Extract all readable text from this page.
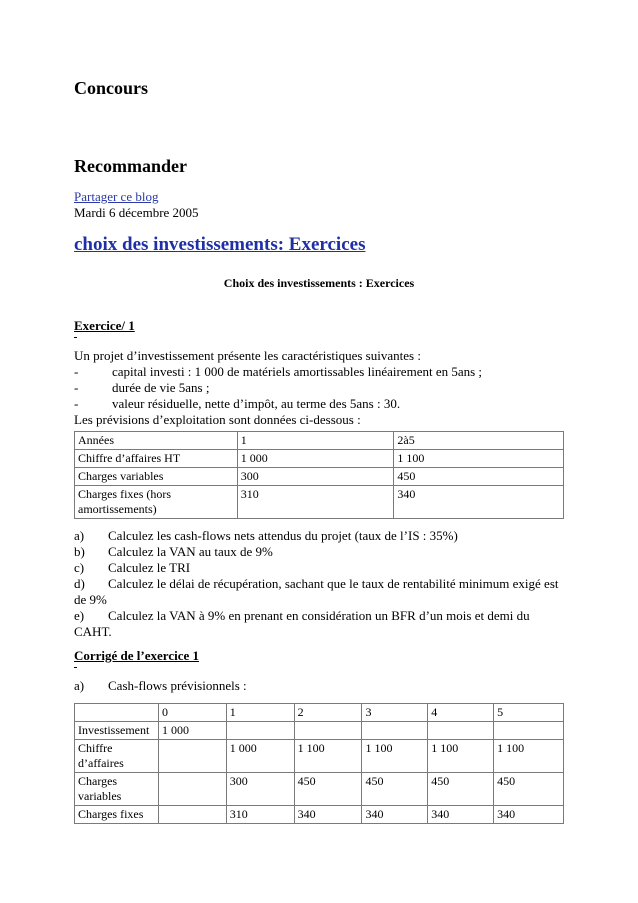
Concours
Recommander
Partager ce blog
Mardi 6 décembre 2005
choix des investissements: Exercices
Choix des investissements : Exercices
Exercice/ 1

Un projet d’investissement présente les caractéristiques suivantes :

-	capital investi : 1 000 de matériels amortissables linéairement en 5ans ;
-	durée de vie 5ans ;
-	valeur résiduelle, nette d’impôt, au terme des 5ans : 30.

Les prévisions d’exploitation sont données ci-dessous :

Années	1	2à5
Chiffre d’affaires HT	1 000	1 100
Charges variables	300	450
Charges fixes (hors amortissements)	310	340
a) Calculez les cash-flows nets attendus du projet (taux de l’IS : 35%)
b) Calculez la VAN au taux de 9%
c) Calculez le TRI
d) Calculez le délai de récupération, sachant que le taux de rentabilité minimum exigé est de 9%
e) Calculez la VAN à 9% en prenant en considération un BFR d’un mois et demi du CAHT.
Corrigé de l’exercice 1
a) Cash-flows prévisionnels :
	0	1	2	3	4	5
Investissement	1 000					
Chiffre d’affaires		1 000	1 100	1 100	1 100	1 100
Charges variables		300	450	450	450	450
Charges fixes		310	340	340	340	340
